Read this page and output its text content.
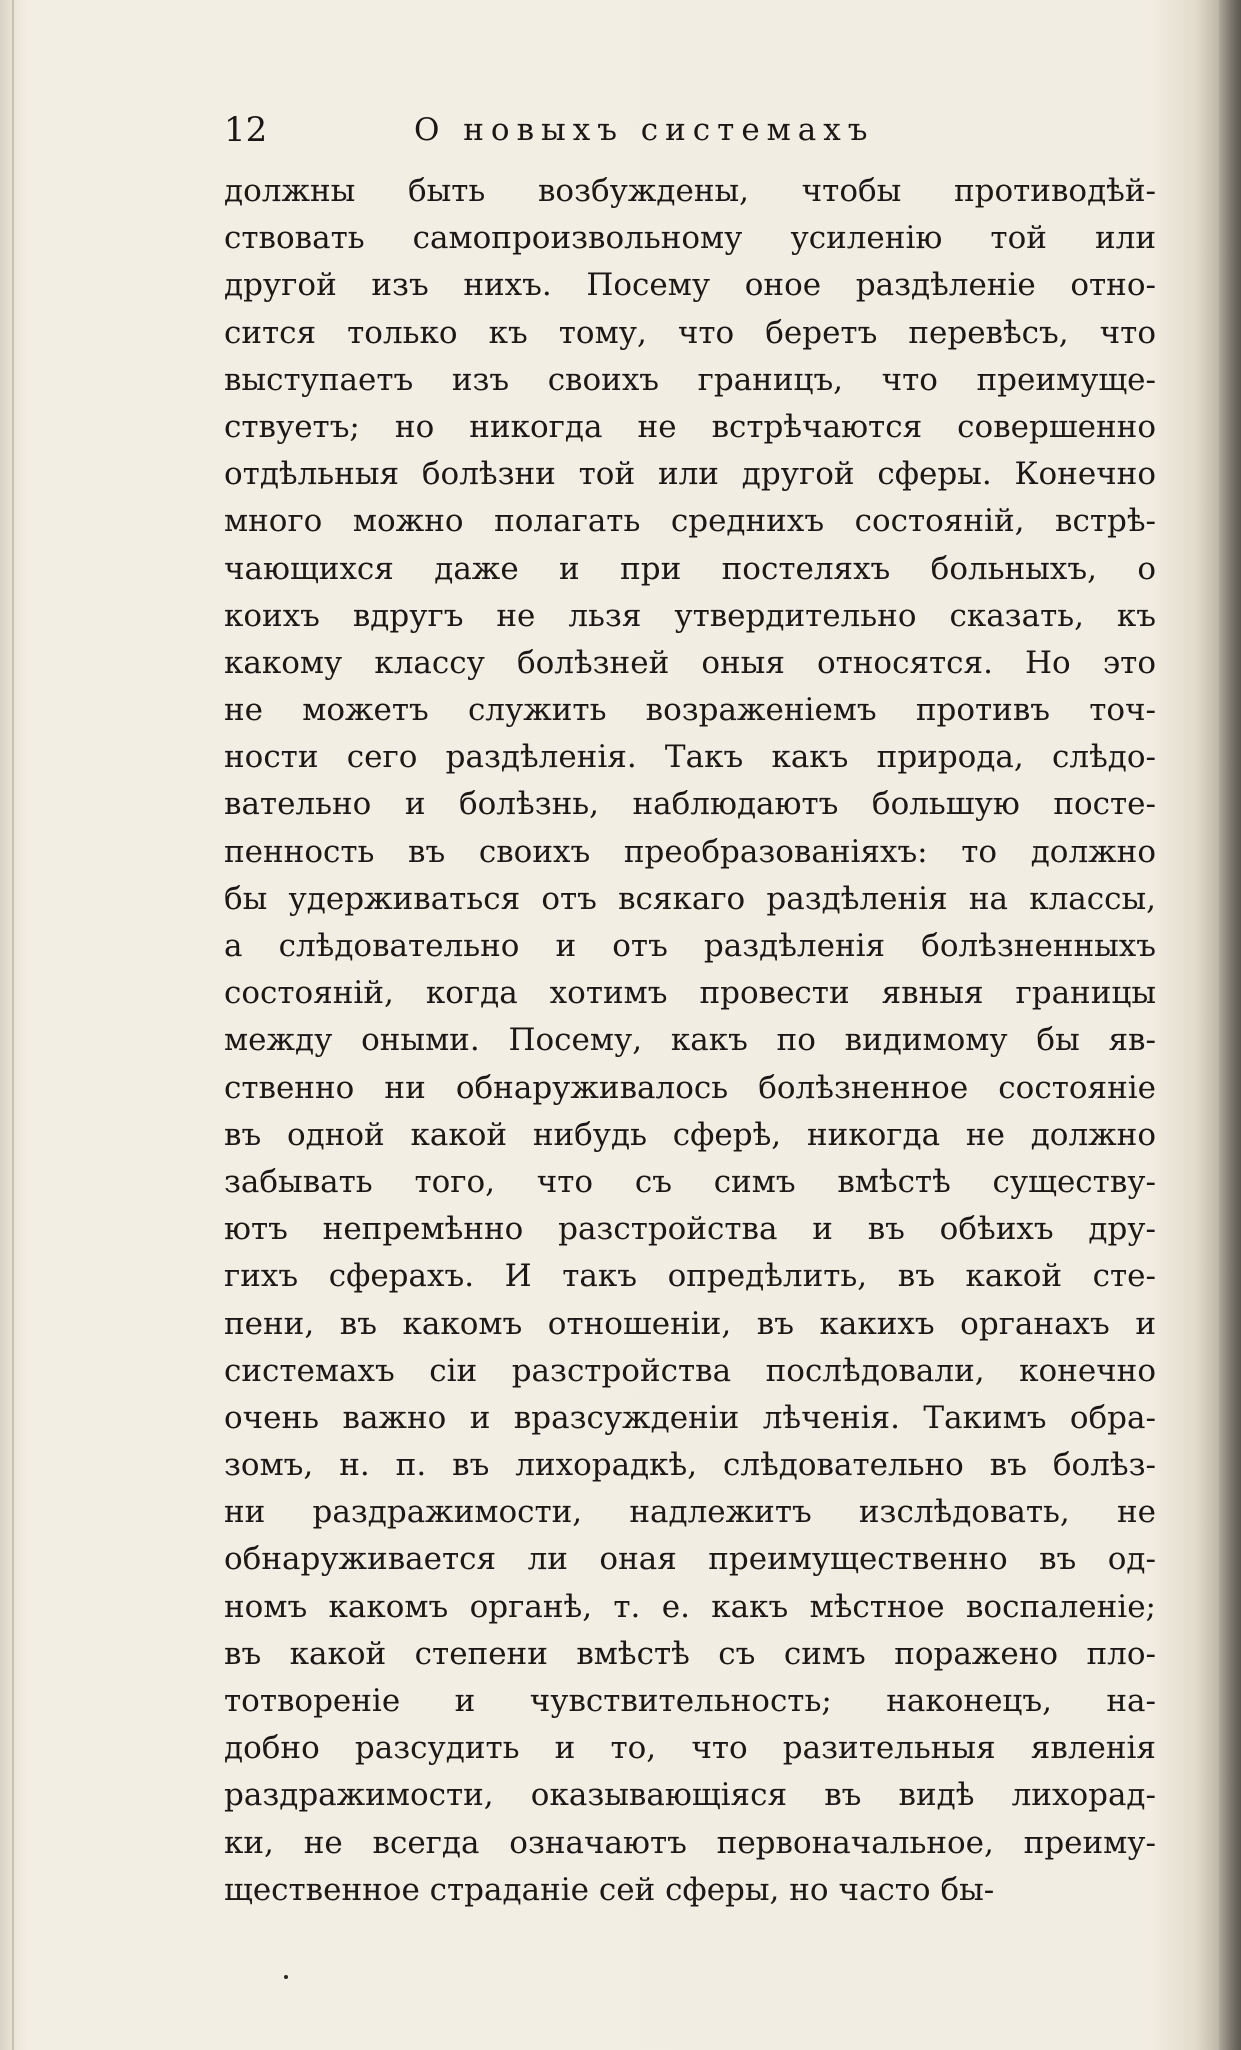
12	О новыхъ системахъ
должны быть возбуждены, чтобы противодѣй-
ствовать самопроизвольному усиленію той или
другой изъ нихъ. Посему оное раздѣленіе отно-
сится только къ тому, что беретъ перевѣсъ, что
выступаетъ изъ своихъ границъ, что преимуще-
ствуетъ; но никогда не встрѣчаются совершенно
отдѣльныя болѣзни той или другой сферы. Конечно
много можно полагать среднихъ состояній, встрѣ-
чающихся даже и при постеляхъ больныхъ, о
коихъ вдругъ не льзя утвердительно сказать, къ
какому классу болѣзней оныя относятся. Но это
не можетъ служить возраженіемъ противъ точ-
ности сего раздѣленія. Такъ какъ природа, слѣдо-
вательно и болѣзнь, наблюдаютъ большую посте-
пенность въ своихъ преобразованіяхъ: то должно
бы удерживаться отъ всякаго раздѣленія на классы,
а слѣдовательно и отъ раздѣленія болѣзненныхъ
состояній, когда хотимъ провести явныя границы
между оными. Посему, какъ по видимому бы яв-
ственно ни обнаруживалось болѣзненное состояніе
въ одной какой нибудь сферѣ, никогда не должно
забывать того, что съ симъ вмѣстѣ существу-
ютъ непремѣнно разстройства и въ обѣихъ дру-
гихъ сферахъ. И такъ опредѣлить, въ какой сте-
пени, въ какомъ отношеніи, въ какихъ органахъ и
системахъ сіи разстройства послѣдовали, конечно
очень важно и вразсужденіи лѣченія. Такимъ обра-
зомъ, н. п. въ лихорадкѣ, слѣдовательно въ болѣз-
ни раздражимости, надлежитъ изслѣдовать, не
обнаруживается ли оная преимущественно въ од-
номъ какомъ органѣ, т. е. какъ мѣстное воспаленіе;
въ какой степени вмѣстѣ съ симъ поражено пло-
тотвореніе и чувствительность; наконецъ, на-
добно разсудить и то, что разительныя явленія
раздражимости, оказывающіяся въ видѣ лихорад-
ки, не всегда означаютъ первоначальное, преиму-
щественное страданіе сей сферы, но часто бы-
